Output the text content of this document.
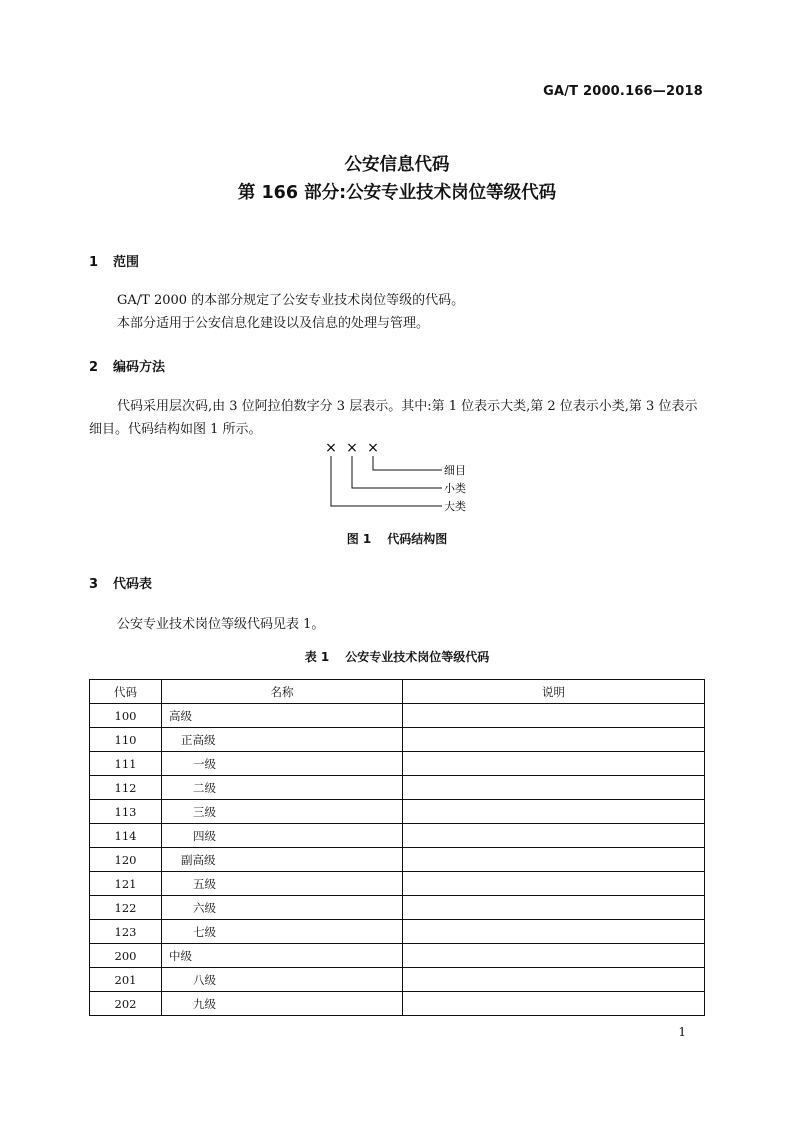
GA/T 2000.166—2018
公安信息代码
第 166 部分:公安专业技术岗位等级代码
1 范围
GA/T 2000 的本部分规定了公安专业技术岗位等级的代码。
本部分适用于公安信息化建设以及信息的处理与管理。
2 编码方法
代码采用层次码,由 3 位阿拉伯数字分 3 层表示。其中:第 1 位表示大类,第 2 位表示小类,第 3 位表示细目。代码结构如图 1 所示。
× × ×
细目
小类
大类
图 1 代码结构图
3 代码表
公安专业技术岗位等级代码见表 1。
表 1 公安专业技术岗位等级代码
代码	名称	说明
100	高级	
110	正高级	
111	一级	
112	二级	
113	三级	
114	四级	
120	副高级	
121	五级	
122	六级	
123	七级	
200	中级	
201	八级	
202	九级	
1
